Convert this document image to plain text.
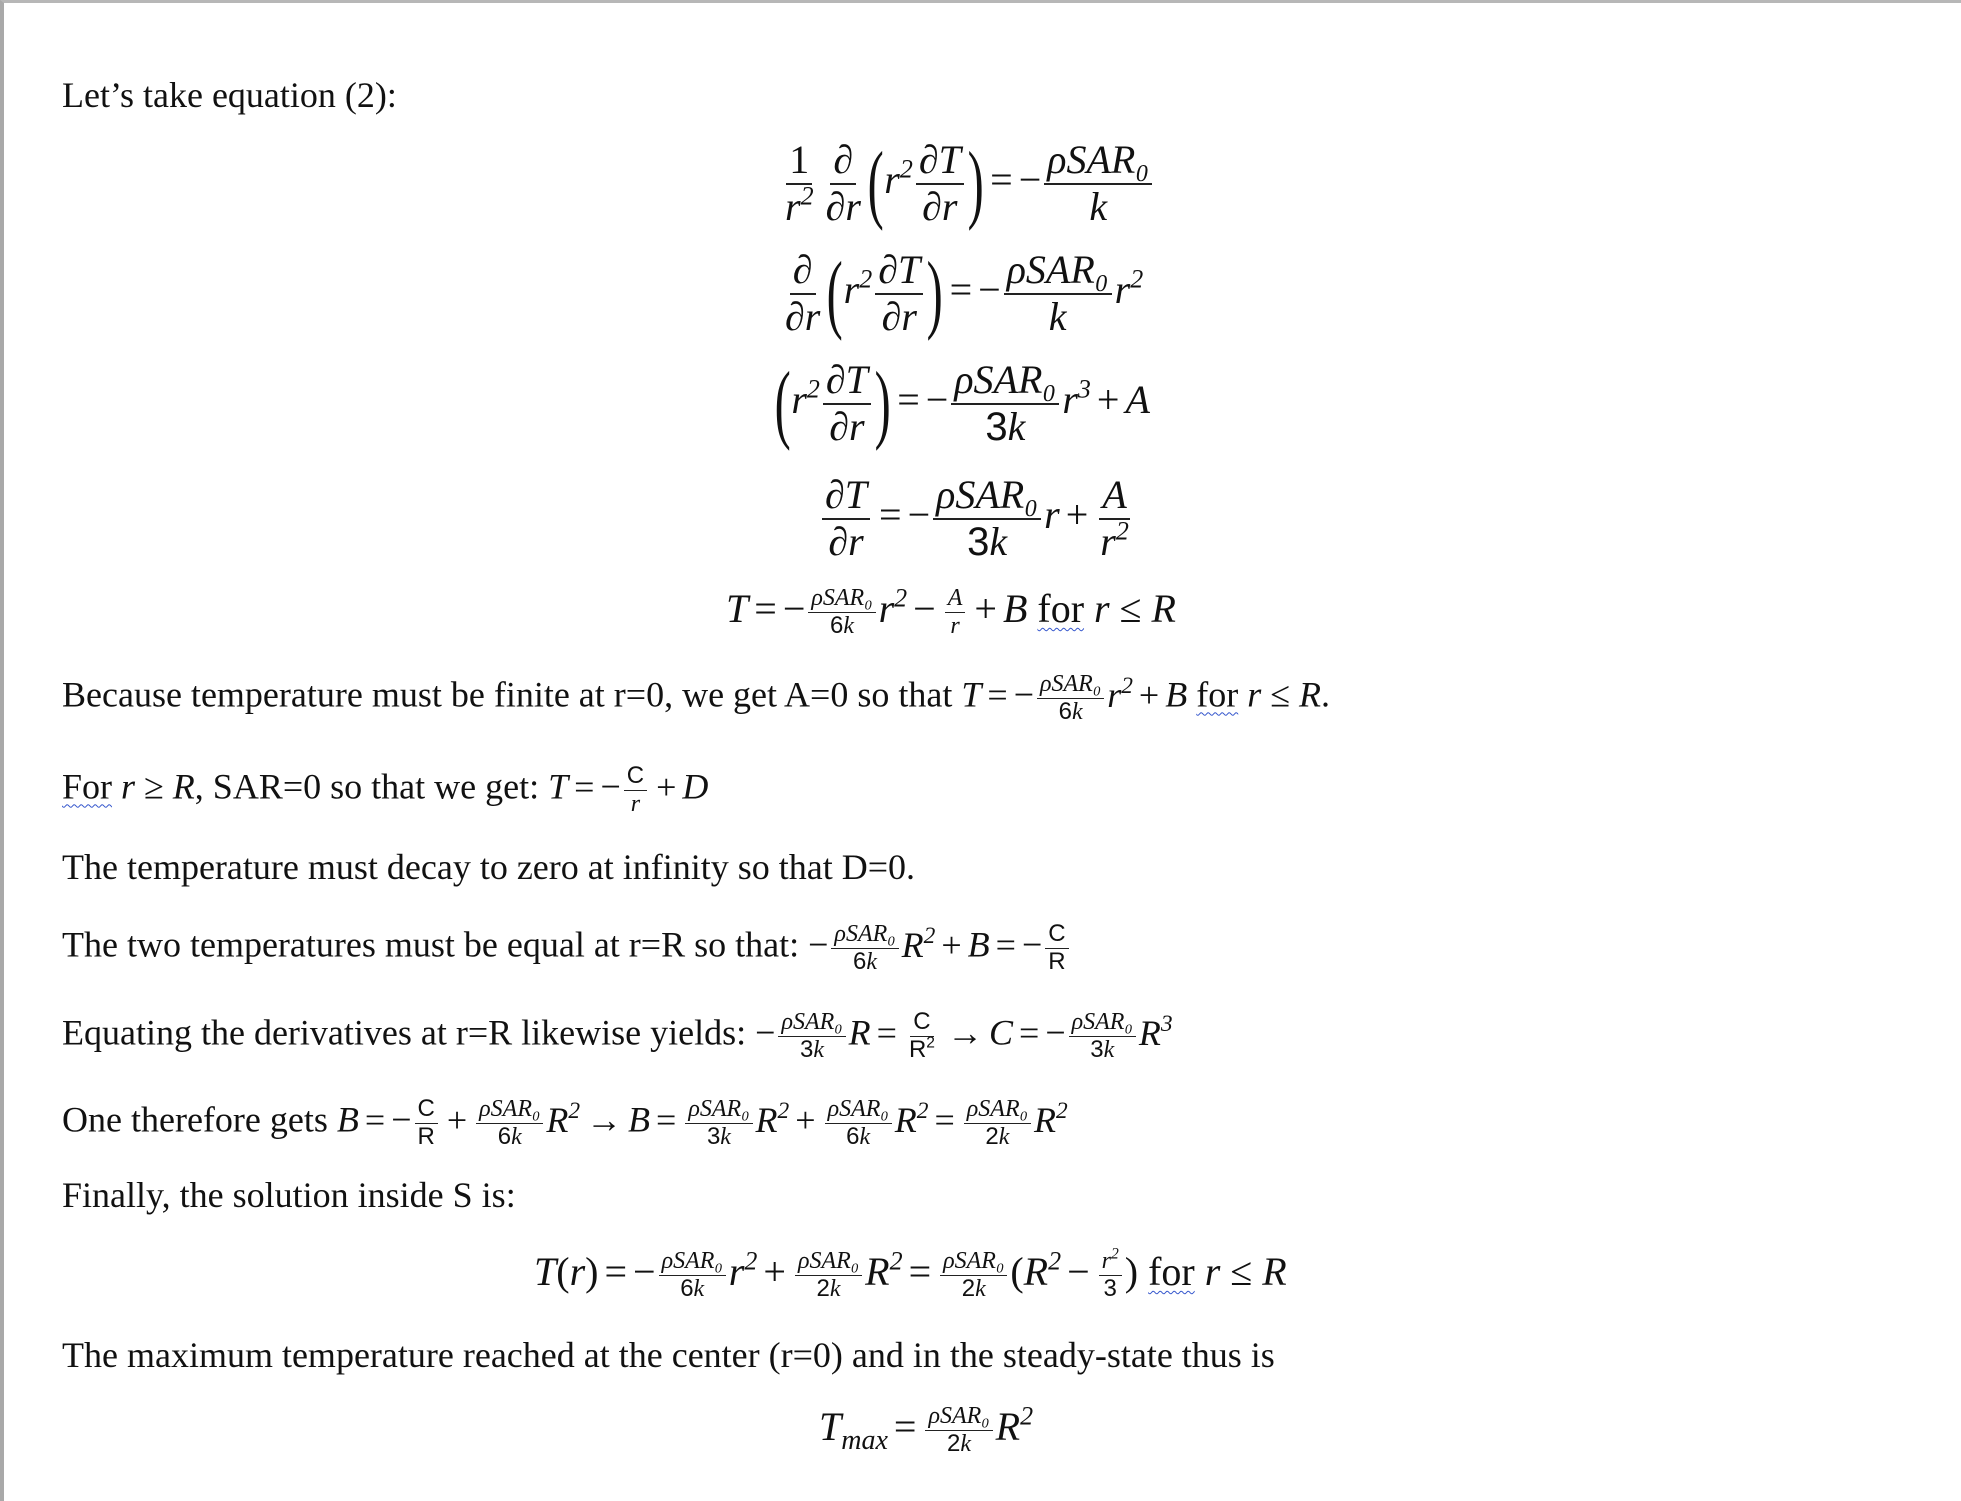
Let’s take equation (2):
$\frac{1}{r^2} \frac{\partial}{\partial r} (r^2 \frac{\partial T}{\partial r}$ ) = − $\frac{\text{ρSAR₀}}{k}$
$\frac{\partial}{\partial r} (r^2 \frac{\partial T}{\partial r}$ ) = − $\frac{\text{ρSAR₀}}{k} r^2$
($r^2 \frac{\partial T}{\partial r}$ ) = − $\frac{\text{ρSAR₀}}{3k} r^3 + A$
$\frac{\partial T}{\partial r}$ = − $\frac{\text{ρSAR₀}}{3k}$ $r + \frac{A}{r^2}$
T = − $\frac{\text{ρSAR₀}}{6k} r^2 - \frac{A}{r} + B$ for r ≤ R
Because temperature must be finite at r=0, we get A=0 so that T = − $\frac{\text{ρSAR₀}}{6k} r^2 + B$ for r ≤ R.
For r ≥ R, SAR=0 so that we get: T = − $\frac{C}{r} + D$
The temperature must decay to zero at infinity so that D=0.
The two temperatures must be equal at r=R so that: − $\frac{\text{ρSAR₀}}{6k} R^2 + B$ = − $\frac{C}{R}$
Equating the derivatives at r=R likewise yields: − $\frac{\text{ρSAR₀}}{3k}$ $R = \frac{C}{R^2} \to C$ = − $\frac{\text{ρSAR₀}}{3k} R^3$
One therefore gets B = − $\frac{C}{R} + \frac{\text{ρSAR₀}}{6k} R^2 \to B = \frac{\text{ρSAR₀}}{3k} R^2 + \frac{\text{ρSAR₀}}{6k} R^2 = \frac{\text{ρSAR₀}}{2k} R^2$
Finally, the solution inside S is:
T(r) = − $\frac{\text{ρSAR₀}}{6k} r^2 + \frac{\text{ρSAR₀}}{2k} R^2 = \frac{\text{ρSAR₀}}{2k} (R^2 - \frac{r^2}{3}$ ) for r ≤ R
The maximum temperature reached at the center (r=0) and in the steady-state thus is
$T_{max} = \frac{\text{ρSAR₀}}{2k} R^2$
